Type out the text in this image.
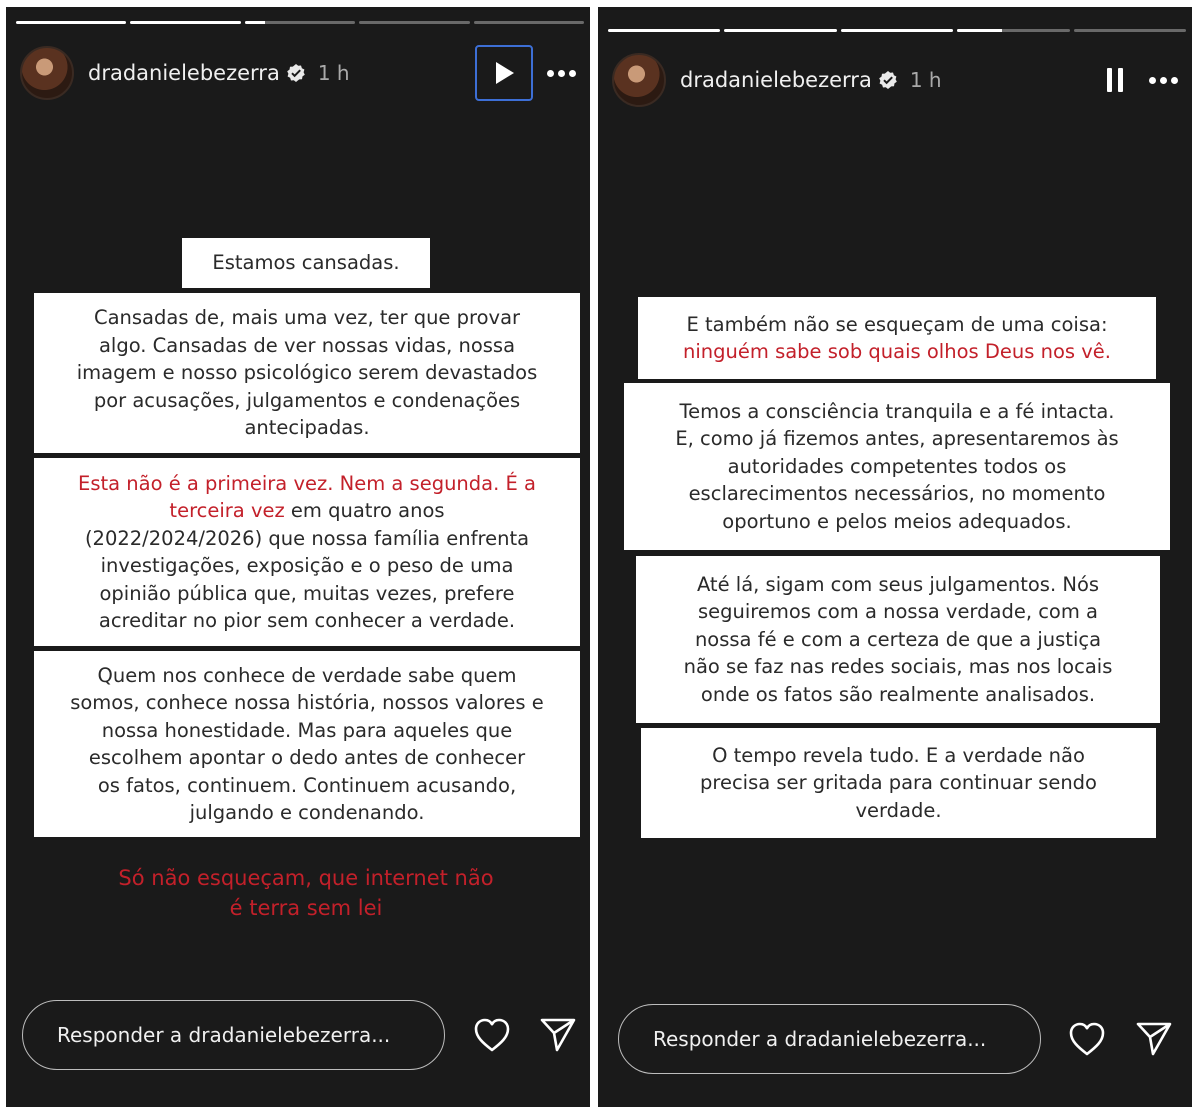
dradanielebezerra 1 h
Estamos cansadas.
Cansadas de, mais uma vez, ter que provar
algo. Cansadas de ver nossas vidas, nossa
imagem e nosso psicológico serem devastados
por acusações, julgamentos e condenações
antecipadas.
Esta não é a primeira vez. Nem a segunda. É a
terceira vez em quatro anos
(2022/2024/2026) que nossa família enfrenta
investigações, exposição e o peso de uma
opinião pública que, muitas vezes, prefere
acreditar no pior sem conhecer a verdade.
Quem nos conhece de verdade sabe quem
somos, conhece nossa história, nossos valores e
nossa honestidade. Mas para aqueles que
escolhem apontar o dedo antes de conhecer
os fatos, continuem. Continuem acusando,
julgando e condenando.
Só não esqueçam, que internet não
é terra sem lei
Responder a dradanielebezerra...
dradanielebezerra 1 h
E também não se esqueçam de uma coisa:
ninguém sabe sob quais olhos Deus nos vê.
Temos a consciência tranquila e a fé intacta.
E, como já fizemos antes, apresentaremos às
autoridades competentes todos os
esclarecimentos necessários, no momento
oportuno e pelos meios adequados.
Até lá, sigam com seus julgamentos. Nós
seguiremos com a nossa verdade, com a
nossa fé e com a certeza de que a justiça
não se faz nas redes sociais, mas nos locais
onde os fatos são realmente analisados.
O tempo revela tudo. E a verdade não
precisa ser gritada para continuar sendo
verdade.
Responder a dradanielebezerra...
